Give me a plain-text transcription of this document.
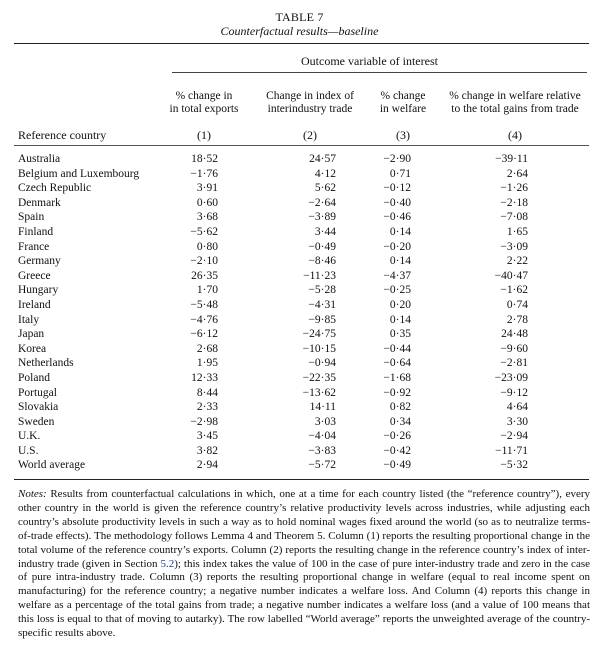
TABLE 7
Counterfactual results—baseline
Outcome variable of interest
% change in
in total exports
Change in index of
interindustry trade
% change
in welfare
% change in welfare relative
to the total gains from trade
Reference country	(1)	(2)	(3)	(4)
Australia	18·52	24·57	−2·90	−39·11
Belgium and Luxembourg	−1·76	4·12	0·71	2·64
Czech Republic	3·91	5·62	−0·12	−1·26
Denmark	0·60	−2·64	−0·40	−2·18
Spain	3·68	−3·89	−0·46	−7·08
Finland	−5·62	3·44	0·14	1·65
France	0·80	−0·49	−0·20	−3·09
Germany	−2·10	−8·46	0·14	2·22
Greece	26·35	−11·23	−4·37	−40·47
Hungary	1·70	−5·28	−0·25	−1·62
Ireland	−5·48	−4·31	0·20	0·74
Italy	−4·76	−9·85	0·14	2·78
Japan	−6·12	−24·75	0·35	24·48
Korea	2·68	−10·15	−0·44	−9·60
Netherlands	1·95	−0·94	−0·64	−2·81
Poland	12·33	−22·35	−1·68	−23·09
Portugal	8·44	−13·62	−0·92	−9·12
Slovakia	2·33	14·11	0·82	4·64
Sweden	−2·98	3·03	0·34	3·30
U.K.	3·45	−4·04	−0·26	−2·94
U.S.	3·82	−3·83	−0·42	−11·71
World average	2·94	−5·72	−0·49	−5·32
Notes: Results from counterfactual calculations in which, one at a time for each country listed (the “reference country”), every other country in the world is given the reference country’s relative productivity levels across industries, while adjusting each country’s absolute productivity levels in such a way as to hold nominal wages fixed around the world (so as to neutralize terms-of-trade effects). The methodology follows Lemma 4 and Theorem 5. Column (1) reports the resulting proportional change in the total volume of the reference country’s exports. Column (2) reports the resulting change in the reference country’s index of inter-industry trade (given in Section 5.2); this index takes the value of 100 in the case of pure inter-industry trade and zero in the case of pure intra-industry trade. Column (3) reports the resulting proportional change in welfare (equal to real income spent on manufacturing) for the reference country; a negative number indicates a welfare loss. And Column (4) reports this change in welfare as a percentage of the total gains from trade; a negative number indicates a welfare loss (and a value of 100 means that this loss is equal to that of moving to autarky). The row labelled “World average” reports the unweighted average of the country-specific results above.
